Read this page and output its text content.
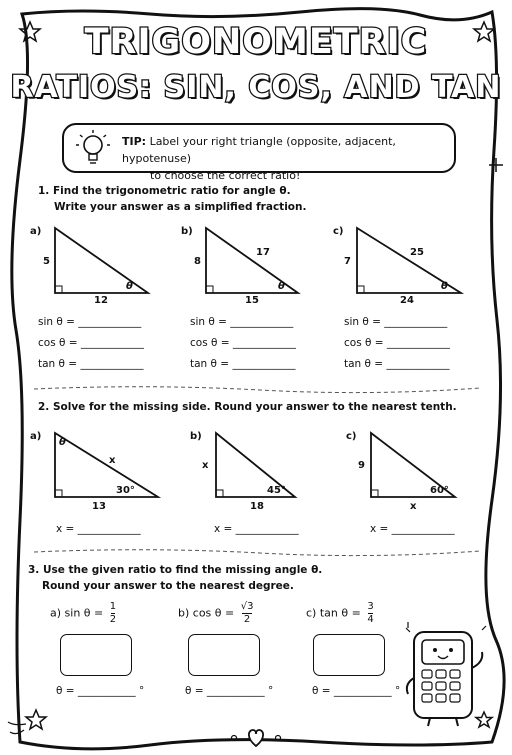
TRIGONOMETRIC
RATIOS: SIN, COS, AND TAN
TIP: Label your right triangle (opposite, adjacent, hypotenuse)
to choose the correct ratio!
1. Find the trigonometric ratio for angle θ.
Write your answer as a simplified fraction.
a)
5
12
θ
b)
8
17
15
θ
c)
7
25
24
θ
sin θ = ____________
cos θ = ____________
tan θ = ____________
sin θ = ____________
cos θ = ____________
tan θ = ____________
sin θ = ____________
cos θ = ____________
tan θ = ____________
2. Solve for the missing side. Round your answer to the nearest tenth.
a)
θ
x
30°
13
b)
x
45°
18
c)
9
60°
x
x = ____________	x = ____________	x = ____________
3. Use the given ratio to find the missing angle θ.
Round your answer to the nearest degree.
a) $\sin \theta = \frac{1}{2}$	b) $\cos \theta = \frac{√3}{2}$	c) $\tan \theta = \frac{3}{4}$
θ = ___________ °	θ = ___________ °	θ = ___________ °
